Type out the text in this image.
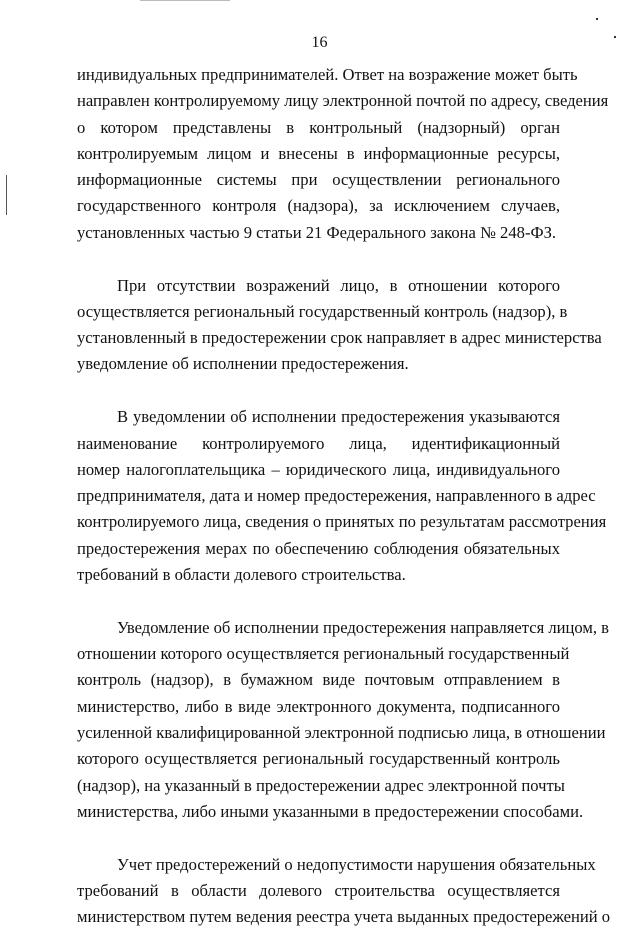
16
индивидуальных предпринимателей. Ответ на возражение может быть
направлен контролируемому лицу электронной почтой по адресу, сведения
о котором представлены в контрольный (надзорный) орган
контролируемым лицом и внесены в информационные ресурсы,
информационные системы при осуществлении регионального
государственного контроля (надзора), за исключением случаев,
установленных частью 9 статьи 21 Федерального закона № 248-ФЗ.
При отсутствии возражений лицо, в отношении которого
осуществляется региональный государственный контроль (надзор), в
установленный в предостережении срок направляет в адрес министерства
уведомление об исполнении предостережения.
В уведомлении об исполнении предостережения указываются
наименование контролируемого лица, идентификационный
номер налогоплательщика – юридического лица, индивидуального
предпринимателя, дата и номер предостережения, направленного в адрес
контролируемого лица, сведения о принятых по результатам рассмотрения
предостережения мерах по обеспечению соблюдения обязательных
требований в области долевого строительства.
Уведомление об исполнении предостережения направляется лицом, в
отношении которого осуществляется региональный государственный
контроль (надзор), в бумажном виде почтовым отправлением в
министерство, либо в виде электронного документа, подписанного
усиленной квалифицированной электронной подписью лица, в отношении
которого осуществляется региональный государственный контроль
(надзор), на указанный в предостережении адрес электронной почты
министерства, либо иными указанными в предостережении способами.
Учет предостережений о недопустимости нарушения обязательных
требований в области долевого строительства осуществляется
министерством путем ведения реестра учета выданных предостережений о
